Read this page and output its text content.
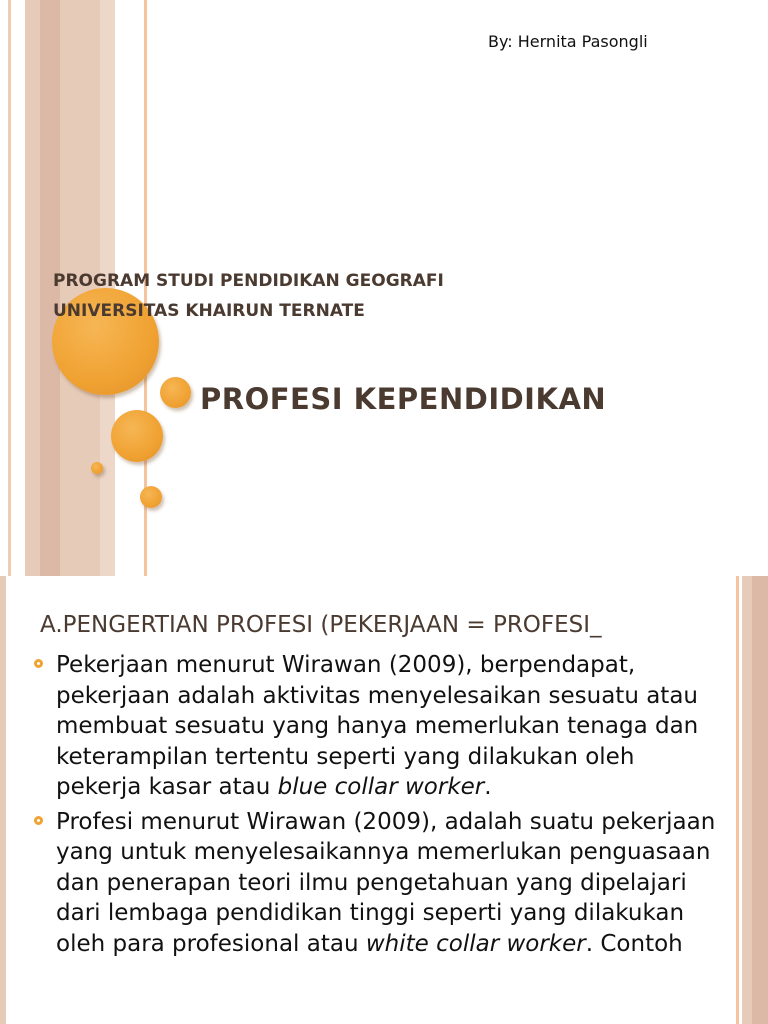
By: Hernita Pasongli
PROGRAM STUDI PENDIDIKAN GEOGRAFI
UNIVERSITAS KHAIRUN TERNATE
PROFESI KEPENDIDIKAN
A.PENGERTIAN PROFESI (PEKERJAAN = PROFESI_
Pekerjaan menurut Wirawan (2009), berpendapat, pekerjaan adalah aktivitas menyelesaikan sesuatu atau membuat sesuatu yang hanya memerlukan tenaga dan keterampilan tertentu seperti yang dilakukan oleh pekerja kasar atau blue collar worker.
Profesi menurut Wirawan (2009), adalah suatu pekerjaan yang untuk menyelesaikannya memerlukan penguasaan dan penerapan teori ilmu pengetahuan yang dipelajari dari lembaga pendidikan tinggi seperti yang dilakukan oleh para profesional atau white collar worker. Contoh
